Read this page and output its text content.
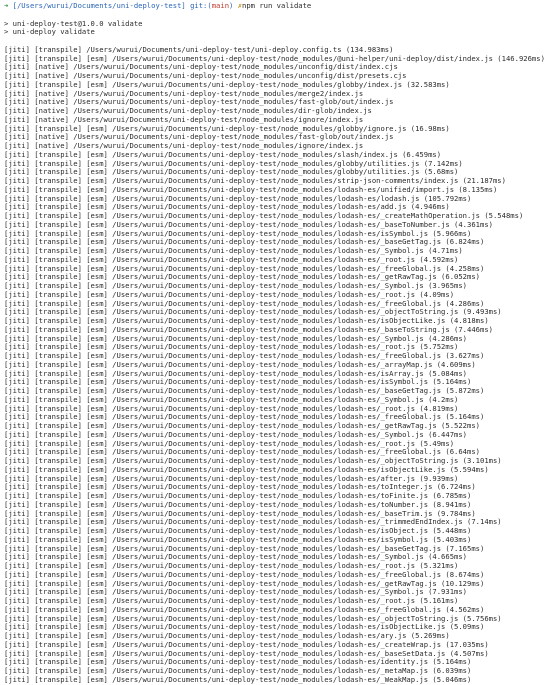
➜ [/Users/wurui/Documents/uni-deploy-test] git:(main) ✗npm run validate
> uni-deploy-test@1.0.0 validate
> uni-deploy validate
[jiti] [transpile] /Users/wurui/Documents/uni-deploy-test/uni-deploy.config.ts (134.983ms)
[jiti] [transpile] [esm] /Users/wurui/Documents/uni-deploy-test/node_modules/@uni-helper/uni-deploy/dist/index.js (146.926ms)
[jiti] [native] /Users/wurui/Documents/uni-deploy-test/node_modules/unconfig/dist/index.cjs
[jiti] [native] /Users/wurui/Documents/uni-deploy-test/node_modules/unconfig/dist/presets.cjs
[jiti] [transpile] [esm] /Users/wurui/Documents/uni-deploy-test/node_modules/globby/index.js (32.583ms)
[jiti] [native] /Users/wurui/Documents/uni-deploy-test/node_modules/merge2/index.js
[jiti] [native] /Users/wurui/Documents/uni-deploy-test/node_modules/fast-glob/out/index.js
[jiti] [native] /Users/wurui/Documents/uni-deploy-test/node_modules/dir-glob/index.js
[jiti] [native] /Users/wurui/Documents/uni-deploy-test/node_modules/ignore/index.js
[jiti] [transpile] [esm] /Users/wurui/Documents/uni-deploy-test/node_modules/globby/ignore.js (16.98ms)
[jiti] [native] /Users/wurui/Documents/uni-deploy-test/node_modules/fast-glob/out/index.js
[jiti] [native] /Users/wurui/Documents/uni-deploy-test/node_modules/ignore/index.js
[jiti] [transpile] [esm] /Users/wurui/Documents/uni-deploy-test/node_modules/slash/index.js (6.459ms)
[jiti] [transpile] [esm] /Users/wurui/Documents/uni-deploy-test/node_modules/globby/utilities.js (7.142ms)
[jiti] [transpile] [esm] /Users/wurui/Documents/uni-deploy-test/node_modules/globby/utilities.js (5.68ms)
[jiti] [transpile] [esm] /Users/wurui/Documents/uni-deploy-test/node_modules/strip-json-comments/index.js (21.187ms)
[jiti] [transpile] [esm] /Users/wurui/Documents/uni-deploy-test/node_modules/lodash-es/unified/import.js (8.135ms)
[jiti] [transpile] [esm] /Users/wurui/Documents/uni-deploy-test/node_modules/lodash-es/lodash.js (105.792ms)
[jiti] [transpile] [esm] /Users/wurui/Documents/uni-deploy-test/node_modules/lodash-es/add.js (4.946ms)
[jiti] [transpile] [esm] /Users/wurui/Documents/uni-deploy-test/node_modules/lodash-es/_createMathOperation.js (5.548ms)
[jiti] [transpile] [esm] /Users/wurui/Documents/uni-deploy-test/node_modules/lodash-es/_baseToNumber.js (4.361ms)
[jiti] [transpile] [esm] /Users/wurui/Documents/uni-deploy-test/node_modules/lodash-es/isSymbol.js (5.966ms)
[jiti] [transpile] [esm] /Users/wurui/Documents/uni-deploy-test/node_modules/lodash-es/_baseGetTag.js (6.824ms)
[jiti] [transpile] [esm] /Users/wurui/Documents/uni-deploy-test/node_modules/lodash-es/_Symbol.js (4.71ms)
[jiti] [transpile] [esm] /Users/wurui/Documents/uni-deploy-test/node_modules/lodash-es/_root.js (4.592ms)
[jiti] [transpile] [esm] /Users/wurui/Documents/uni-deploy-test/node_modules/lodash-es/_freeGlobal.js (4.258ms)
[jiti] [transpile] [esm] /Users/wurui/Documents/uni-deploy-test/node_modules/lodash-es/_getRawTag.js (6.052ms)
[jiti] [transpile] [esm] /Users/wurui/Documents/uni-deploy-test/node_modules/lodash-es/_Symbol.js (3.965ms)
[jiti] [transpile] [esm] /Users/wurui/Documents/uni-deploy-test/node_modules/lodash-es/_root.js (4.09ms)
[jiti] [transpile] [esm] /Users/wurui/Documents/uni-deploy-test/node_modules/lodash-es/_freeGlobal.js (4.286ms)
[jiti] [transpile] [esm] /Users/wurui/Documents/uni-deploy-test/node_modules/lodash-es/_objectToString.js (9.493ms)
[jiti] [transpile] [esm] /Users/wurui/Documents/uni-deploy-test/node_modules/lodash-es/isObjectLike.js (4.818ms)
[jiti] [transpile] [esm] /Users/wurui/Documents/uni-deploy-test/node_modules/lodash-es/_baseToString.js (7.446ms)
[jiti] [transpile] [esm] /Users/wurui/Documents/uni-deploy-test/node_modules/lodash-es/_Symbol.js (4.286ms)
[jiti] [transpile] [esm] /Users/wurui/Documents/uni-deploy-test/node_modules/lodash-es/_root.js (5.752ms)
[jiti] [transpile] [esm] /Users/wurui/Documents/uni-deploy-test/node_modules/lodash-es/_freeGlobal.js (3.627ms)
[jiti] [transpile] [esm] /Users/wurui/Documents/uni-deploy-test/node_modules/lodash-es/_arrayMap.js (4.609ms)
[jiti] [transpile] [esm] /Users/wurui/Documents/uni-deploy-test/node_modules/lodash-es/isArray.js (5.084ms)
[jiti] [transpile] [esm] /Users/wurui/Documents/uni-deploy-test/node_modules/lodash-es/isSymbol.js (5.164ms)
[jiti] [transpile] [esm] /Users/wurui/Documents/uni-deploy-test/node_modules/lodash-es/_baseGetTag.js (5.872ms)
[jiti] [transpile] [esm] /Users/wurui/Documents/uni-deploy-test/node_modules/lodash-es/_Symbol.js (4.2ms)
[jiti] [transpile] [esm] /Users/wurui/Documents/uni-deploy-test/node_modules/lodash-es/_root.js (4.819ms)
[jiti] [transpile] [esm] /Users/wurui/Documents/uni-deploy-test/node_modules/lodash-es/_freeGlobal.js (5.164ms)
[jiti] [transpile] [esm] /Users/wurui/Documents/uni-deploy-test/node_modules/lodash-es/_getRawTag.js (5.522ms)
[jiti] [transpile] [esm] /Users/wurui/Documents/uni-deploy-test/node_modules/lodash-es/_Symbol.js (6.447ms)
[jiti] [transpile] [esm] /Users/wurui/Documents/uni-deploy-test/node_modules/lodash-es/_root.js (5.49ms)
[jiti] [transpile] [esm] /Users/wurui/Documents/uni-deploy-test/node_modules/lodash-es/_freeGlobal.js (6.64ms)
[jiti] [transpile] [esm] /Users/wurui/Documents/uni-deploy-test/node_modules/lodash-es/_objectToString.js (3.101ms)
[jiti] [transpile] [esm] /Users/wurui/Documents/uni-deploy-test/node_modules/lodash-es/isObjectLike.js (5.594ms)
[jiti] [transpile] [esm] /Users/wurui/Documents/uni-deploy-test/node_modules/lodash-es/after.js (9.939ms)
[jiti] [transpile] [esm] /Users/wurui/Documents/uni-deploy-test/node_modules/lodash-es/toInteger.js (6.724ms)
[jiti] [transpile] [esm] /Users/wurui/Documents/uni-deploy-test/node_modules/lodash-es/toFinite.js (6.785ms)
[jiti] [transpile] [esm] /Users/wurui/Documents/uni-deploy-test/node_modules/lodash-es/toNumber.js (8.941ms)
[jiti] [transpile] [esm] /Users/wurui/Documents/uni-deploy-test/node_modules/lodash-es/_baseTrim.js (9.784ms)
[jiti] [transpile] [esm] /Users/wurui/Documents/uni-deploy-test/node_modules/lodash-es/_trimmedEndIndex.js (7.14ms)
[jiti] [transpile] [esm] /Users/wurui/Documents/uni-deploy-test/node_modules/lodash-es/isObject.js (5.448ms)
[jiti] [transpile] [esm] /Users/wurui/Documents/uni-deploy-test/node_modules/lodash-es/isSymbol.js (5.403ms)
[jiti] [transpile] [esm] /Users/wurui/Documents/uni-deploy-test/node_modules/lodash-es/_baseGetTag.js (7.165ms)
[jiti] [transpile] [esm] /Users/wurui/Documents/uni-deploy-test/node_modules/lodash-es/_Symbol.js (4.665ms)
[jiti] [transpile] [esm] /Users/wurui/Documents/uni-deploy-test/node_modules/lodash-es/_root.js (5.321ms)
[jiti] [transpile] [esm] /Users/wurui/Documents/uni-deploy-test/node_modules/lodash-es/_freeGlobal.js (8.674ms)
[jiti] [transpile] [esm] /Users/wurui/Documents/uni-deploy-test/node_modules/lodash-es/_getRawTag.js (10.129ms)
[jiti] [transpile] [esm] /Users/wurui/Documents/uni-deploy-test/node_modules/lodash-es/_Symbol.js (7.931ms)
[jiti] [transpile] [esm] /Users/wurui/Documents/uni-deploy-test/node_modules/lodash-es/_root.js (5.161ms)
[jiti] [transpile] [esm] /Users/wurui/Documents/uni-deploy-test/node_modules/lodash-es/_freeGlobal.js (4.562ms)
[jiti] [transpile] [esm] /Users/wurui/Documents/uni-deploy-test/node_modules/lodash-es/_objectToString.js (5.756ms)
[jiti] [transpile] [esm] /Users/wurui/Documents/uni-deploy-test/node_modules/lodash-es/isObjectLike.js (5.09ms)
[jiti] [transpile] [esm] /Users/wurui/Documents/uni-deploy-test/node_modules/lodash-es/ary.js (5.269ms)
[jiti] [transpile] [esm] /Users/wurui/Documents/uni-deploy-test/node_modules/lodash-es/_createWrap.js (17.035ms)
[jiti] [transpile] [esm] /Users/wurui/Documents/uni-deploy-test/node_modules/lodash-es/_baseSetData.js (4.507ms)
[jiti] [transpile] [esm] /Users/wurui/Documents/uni-deploy-test/node_modules/lodash-es/identity.js (5.164ms)
[jiti] [transpile] [esm] /Users/wurui/Documents/uni-deploy-test/node_modules/lodash-es/_metaMap.js (6.039ms)
[jiti] [transpile] [esm] /Users/wurui/Documents/uni-deploy-test/node_modules/lodash-es/_WeakMap.js (5.046ms)
